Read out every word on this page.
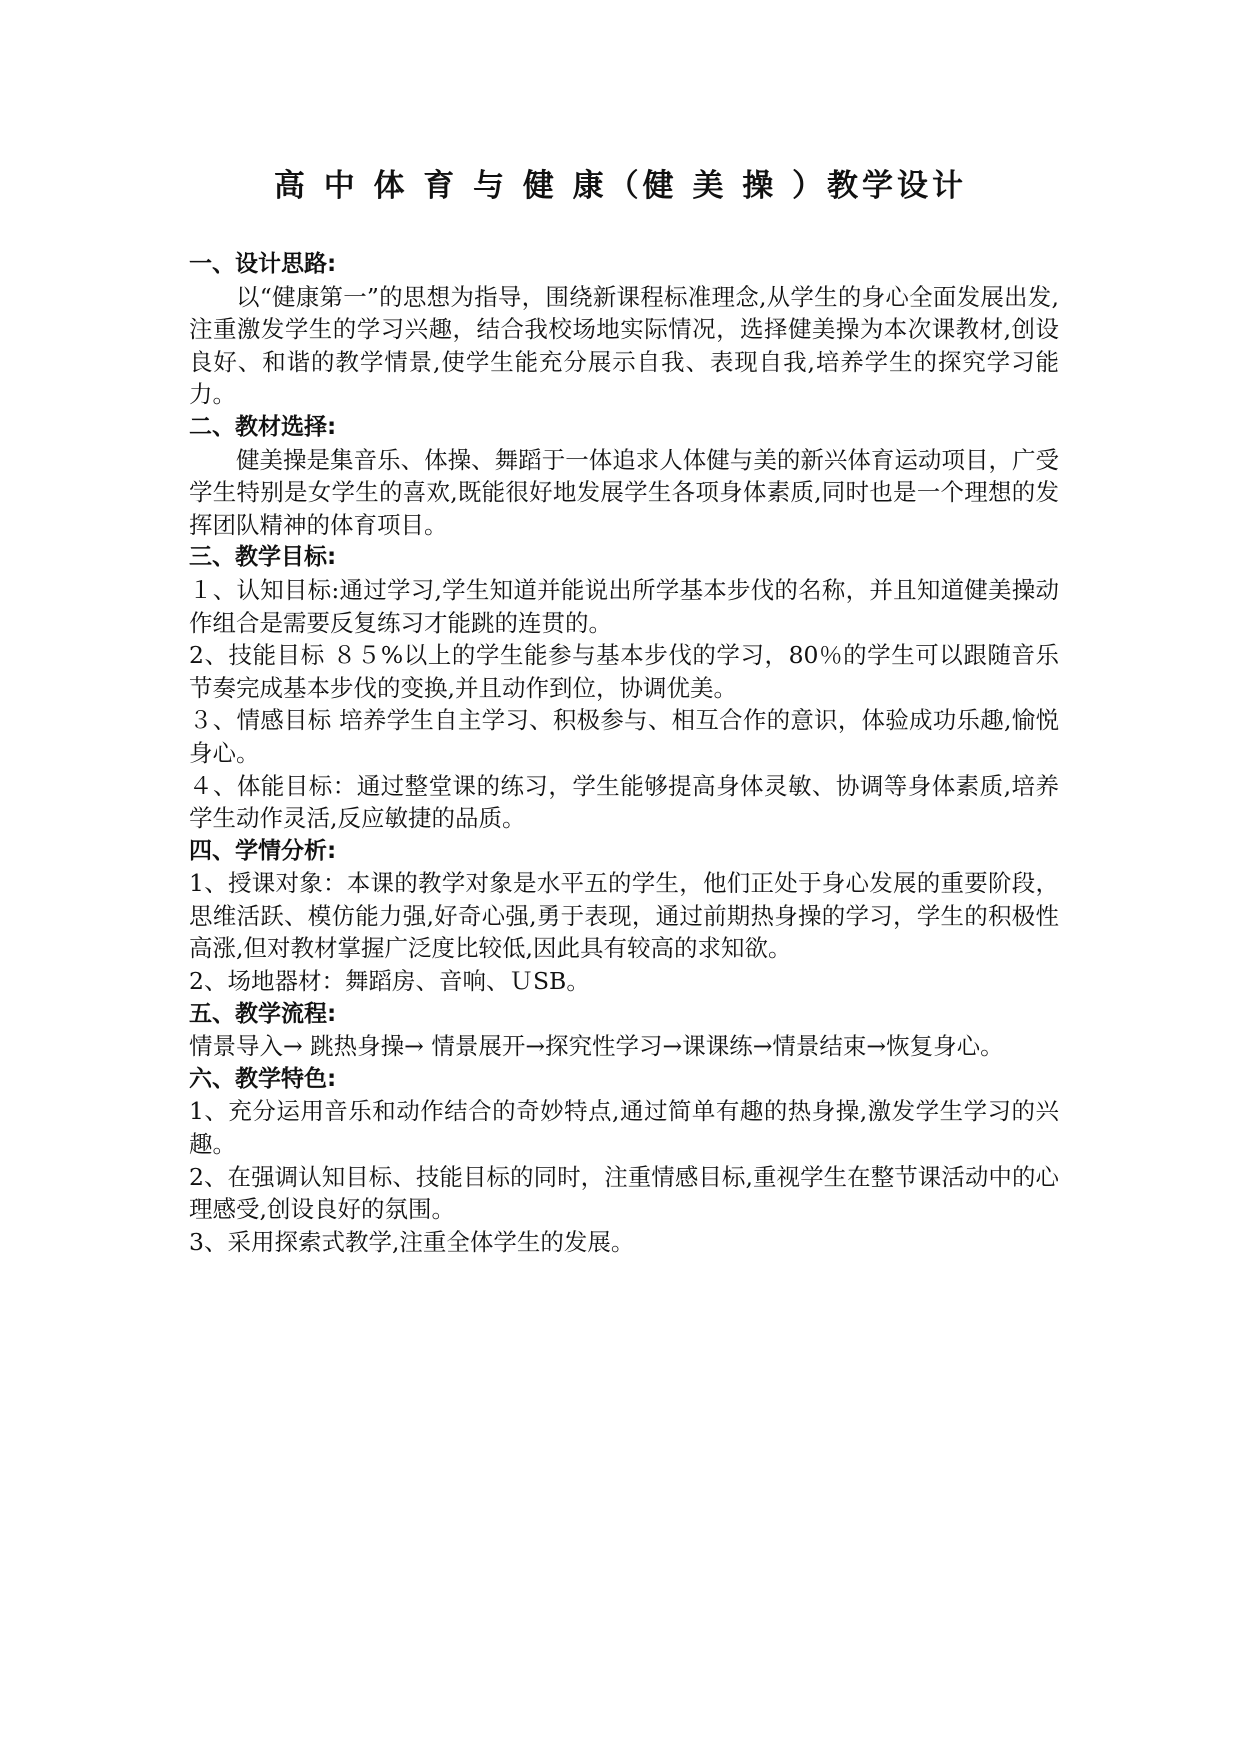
高 中 体 育 与 健 康（健 美 操 ）教学设计

一、设计思路:

以“健康第一”的思想为指导，围绕新课程标准理念,从学生的身心全面发展出发,注重激发学生的学习兴趣，结合我校场地实际情况，选择健美操为本次课教材,创设良好、和谐的教学情景,使学生能充分展示自我、表现自我,培养学生的探究学习能力。

二、教材选择:

健美操是集音乐、体操、舞蹈于一体追求人体健与美的新兴体育运动项目，广受学生特别是女学生的喜欢,既能很好地发展学生各项身体素质,同时也是一个理想的发挥团队精神的体育项目。

三、教学目标:

１、认知目标:通过学习,学生知道并能说出所学基本步伐的名称，并且知道健美操动作组合是需要反复练习才能跳的连贯的。

2、技能目标 ８５%以上的学生能参与基本步伐的学习，80％的学生可以跟随音乐节奏完成基本步伐的变换,并且动作到位，协调优美。

３、情感目标 培养学生自主学习、积极参与、相互合作的意识，体验成功乐趣,愉悦身心。

４、体能目标：通过整堂课的练习，学生能够提高身体灵敏、协调等身体素质,培养学生动作灵活,反应敏捷的品质。

四、学情分析:

1、授课对象：本课的教学对象是水平五的学生，他们正处于身心发展的重要阶段，思维活跃、模仿能力强,好奇心强,勇于表现，通过前期热身操的学习，学生的积极性高涨,但对教材掌握广泛度比较低,因此具有较高的求知欲。

2、场地器材：舞蹈房、音响、ＵSB。

五、教学流程:

情景导入→ 跳热身操→ 情景展开→探究性学习→课课练→情景结束→恢复身心。

六、教学特色:

1、充分运用音乐和动作结合的奇妙特点,通过简单有趣的热身操,激发学生学习的兴趣。

2、在强调认知目标、技能目标的同时，注重情感目标,重视学生在整节课活动中的心理感受,创设良好的氛围。

3、采用探索式教学,注重全体学生的发展。
